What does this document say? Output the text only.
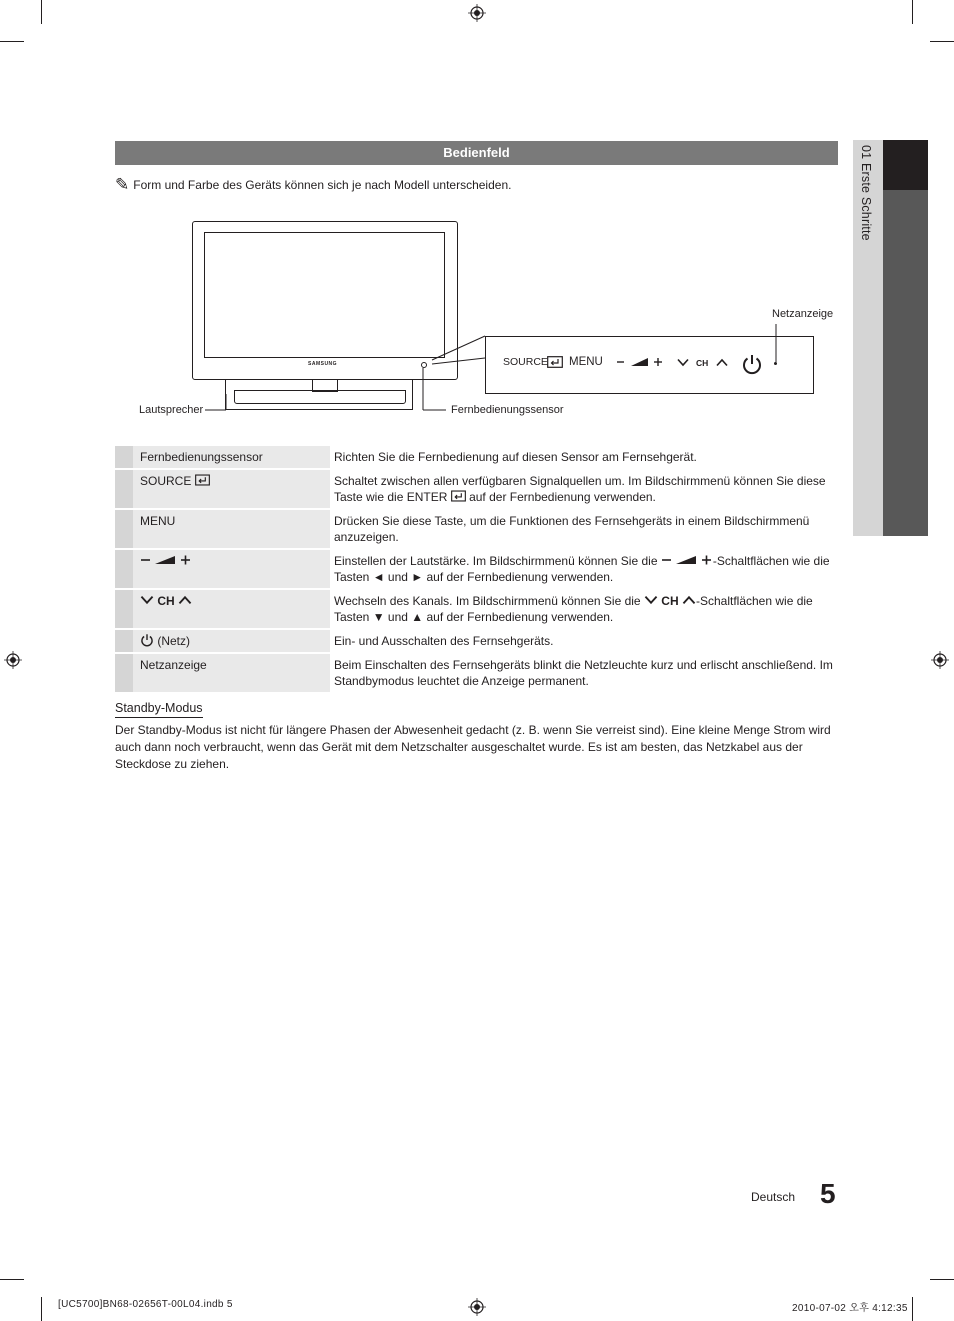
01 Erste Schritte
Bedienfeld
✎ Form und Farbe des Geräts können sich je nach Modell unterscheiden.
SAMSUNG
Netzanzeige
Lautsprecher	Fernbedienungssensor
SOURCE MENU	CH
	Fernbedienungssensor	Richten Sie die Fernbedienung auf diesen Sensor am Fernsehgerät.
	SOURCE	Schaltet zwischen allen verfügbaren Signalquellen um. Im Bildschirmmenü können Sie diese Taste wie die ENTER auf der Fernbedienung verwenden.
	MENU	Drücken Sie diese Taste, um die Funktionen des Fernsehgeräts in einem Bildschirmmenü anzuzeigen.
		Einstellen der Lautstärke. Im Bildschirmmenü können Sie die -Schaltflächen wie die Tasten ◄ und ► auf der Fernbedienung verwenden.
	CH	Wechseln des Kanals. Im Bildschirmmenü können Sie die CH -Schaltflächen wie die Tasten ▼ und ▲ auf der Fernbedienung verwenden.
	(Netz)	Ein- und Ausschalten des Fernsehgeräts.
	Netzanzeige	Beim Einschalten des Fernsehgeräts blinkt die Netzleuchte kurz und erlischt anschließend. Im Standbymodus leuchtet die Anzeige permanent.
Standby-Modus
Der Standby-Modus ist nicht für längere Phasen der Abwesenheit gedacht (z. B. wenn Sie verreist sind). Eine kleine Menge Strom wird auch dann noch verbraucht, wenn das Gerät mit dem Netzschalter ausgeschaltet wurde. Es ist am besten, das Netzkabel aus der Steckdose zu ziehen.
Deutsch 5
[UC5700]BN68-02656T-00L04.indb 5	2010-07-02 오후 4:12:35
